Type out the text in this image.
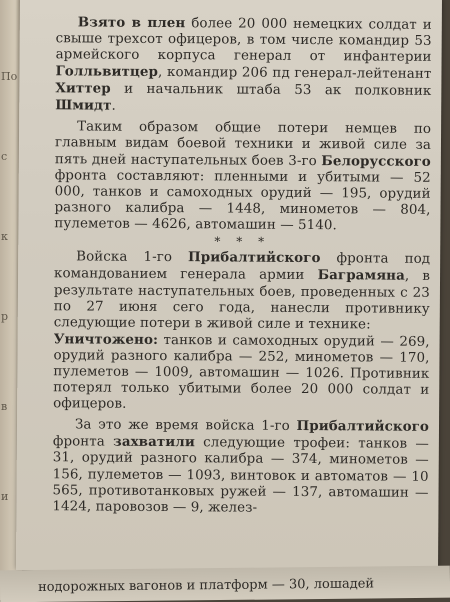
По
с
к
р
в
и

Взято в плен более 20 000 немецких солдат и свыше трехсот офицеров, в том числе командир 53 армейского корпуса генерал от инфантерии Голльвитцер, командир 206 пд генерал-лейтенант Хиттер и начальник штаба 53 ак полковник Шмидт.

Таким образом общие потери немцев по главным видам боевой техники и живой силе за пять дней наступательных боев 3-го Белорусского фронта составляют: пленными и убитыми — 52 000, танков и самоходных орудий — 195, орудий разного калибра — 1448, минометов — 804, пулеметов — 4626, автомашин — 5140.

* * *

Войска 1-го Прибалтийского фронта под командованием генерала армии Баграмяна, в результате наступательных боев, проведенных с 23 по 27 июня сего года, нанесли противнику следующие потери в живой силе и технике:

Уничтожено: танков и самоходных орудий — 269, орудий разного калибра — 252, минометов — 170, пулеметов — 1009, автомашин — 1026. Противник потерял только убитыми более 20 000 солдат и офицеров.

За это же время войска 1-го Прибалтийского фронта захватили следующие трофеи: танков — 31, орудий разного калибра — 374, минометов — 156, пулеметов — 1093, винтовок и автоматов — 10 565, противотанковых ружей — 137, автомашин — 1424, паровозов — 9, желез-

нодорожных вагонов и платформ — 30, лошадей
